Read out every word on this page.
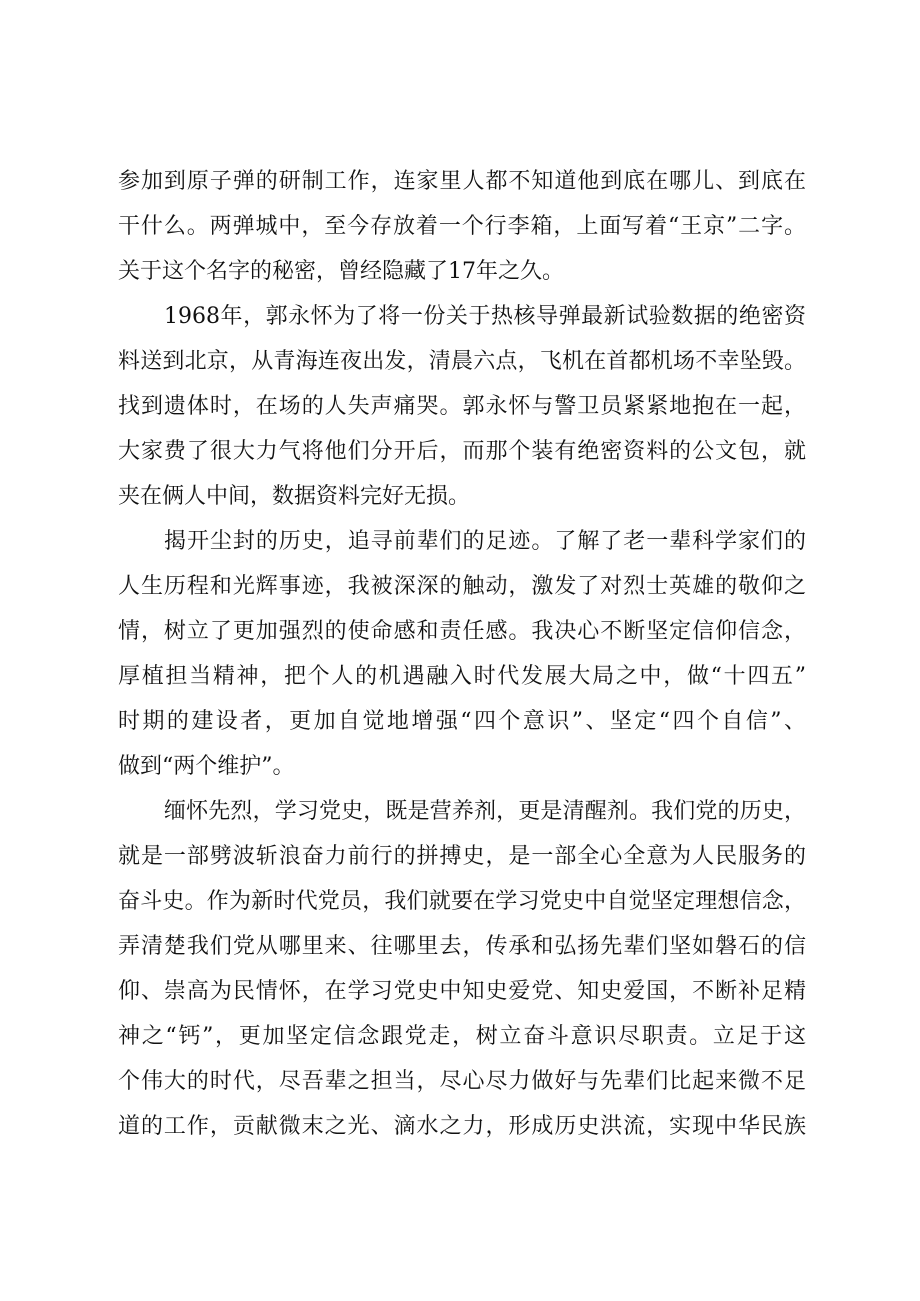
参加到原子弹的研制工作，连家里人都不知道他到底在哪儿、到底在
干什么。两弹城中，至今存放着一个行李箱，上面写着“王京”二字。
关于这个名字的秘密，曾经隐藏了17年之久。
1968年，郭永怀为了将一份关于热核导弹最新试验数据的绝密资
料送到北京，从青海连夜出发，清晨六点，飞机在首都机场不幸坠毁。
找到遗体时，在场的人失声痛哭。郭永怀与警卫员紧紧地抱在一起，
大家费了很大力气将他们分开后，而那个装有绝密资料的公文包，就
夹在俩人中间，数据资料完好无损。
揭开尘封的历史，追寻前辈们的足迹。了解了老一辈科学家们的
人生历程和光辉事迹，我被深深的触动，激发了对烈士英雄的敬仰之
情，树立了更加强烈的使命感和责任感。我决心不断坚定信仰信念，
厚植担当精神，把个人的机遇融入时代发展大局之中，做“十四五”
时期的建设者，更加自觉地增强“四个意识”、坚定“四个自信”、
做到“两个维护”。
缅怀先烈，学习党史，既是营养剂，更是清醒剂。我们党的历史，
就是一部劈波斩浪奋力前行的拼搏史，是一部全心全意为人民服务的
奋斗史。作为新时代党员，我们就要在学习党史中自觉坚定理想信念，
弄清楚我们党从哪里来、往哪里去，传承和弘扬先辈们坚如磐石的信
仰、崇高为民情怀，在学习党史中知史爱党、知史爱国，不断补足精
神之“钙”，更加坚定信念跟党走，树立奋斗意识尽职责。立足于这
个伟大的时代，尽吾辈之担当，尽心尽力做好与先辈们比起来微不足
道的工作，贡献微末之光、滴水之力，形成历史洪流，实现中华民族
